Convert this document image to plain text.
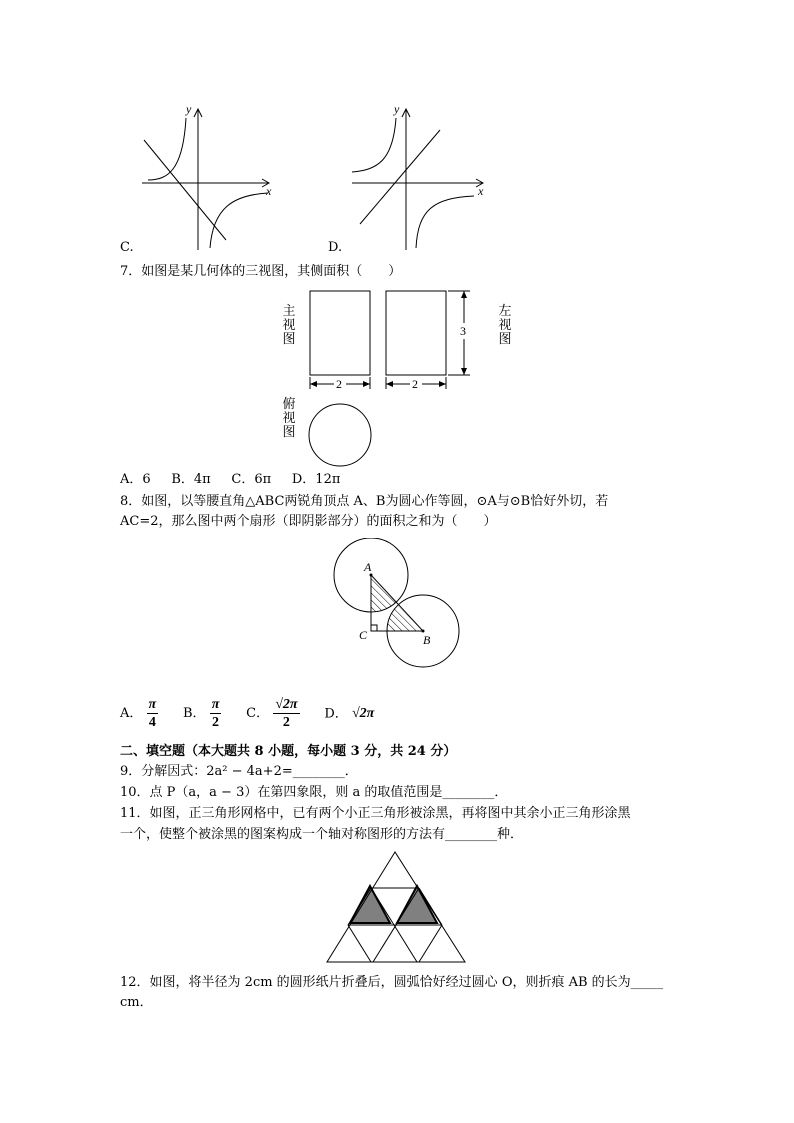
x
y
C.
x
y
D.
7．如图是某几何体的三视图，其侧面积（　　）
主视图
左视图
俯视图
2	2
3
A．6 B．4π C．6π D．12π
8．如图，以等腰直角△ABC两锐角顶点 A、B为圆心作等圆，⊙A与⊙B恰好外切，若
AC=2，那么图中两个扇形（即阴影部分）的面积之和为（　　）
A
B
C
A． $\frac{\pi}{4}$ B． $\frac{\pi}{2}$ C． $\frac{√2\pi}{2}$ D． √2π
二、填空题（本大题共 8 小题，每小题 3 分，共 24 分）
9．分解因式：2a² − 4a+2=________．
10．点 P（a，a − 3）在第四象限，则 a 的取值范围是________．
11．如图，正三角形网格中，已有两个小正三角形被涂黑，再将图中其余小正三角形涂黑
一个，使整个被涂黑的图案构成一个轴对称图形的方法有________种．
12．如图，将半径为 2cm 的圆形纸片折叠后，圆弧恰好经过圆心 O，则折痕 AB 的长为_____
cm．
